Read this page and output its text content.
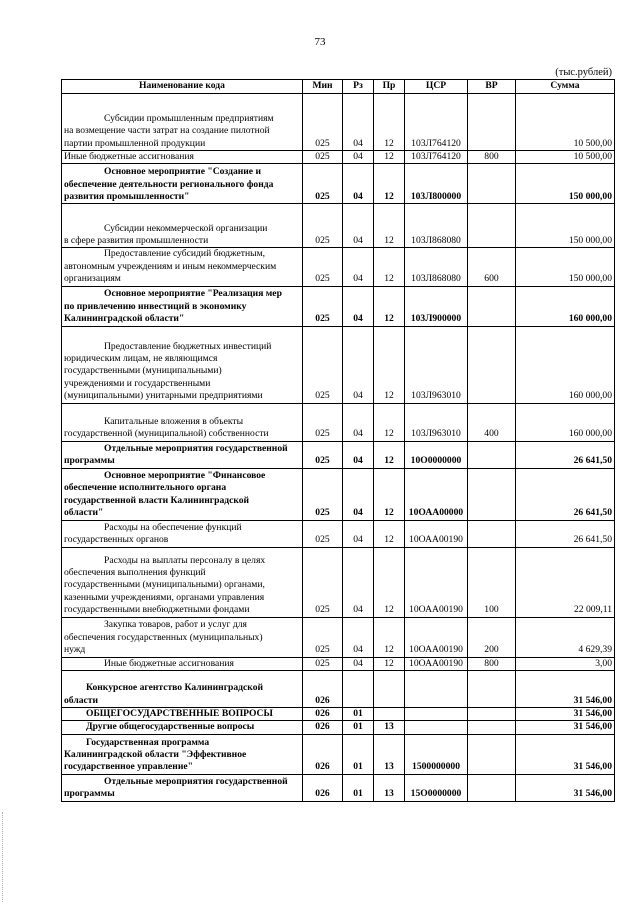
73
(тыс.рублей)
Наименование кода	Мин	Рз	Пр	ЦСР	ВР	Сумма

Субсидии промышленным предприятиям
на возмещение части затрат на создание пилотной
партии промышленной продукции	025	04	12	103Л764120		10 500,00

Иные бюджетные ассигнования	025	04	12	103Л764120	800	10 500,00

Основное мероприятие "Создание и
обеспечение деятельности регионального фонда
развития промышленности"	025	04	12	103Л800000		150 000,00

Субсидии некоммерческой организации
в сфере развития промышленности	025	04	12	103Л868080		150 000,00

Предоставление субсидий бюджетным,
автономным учреждениям и иным некоммерческим
организациям	025	04	12	103Л868080	600	150 000,00

Основное мероприятие "Реализация мер
по привлечению инвестиций в экономику
Калининградской области"	025	04	12	103Л900000		160 000,00

Предоставление бюджетных инвестиций
юридическим лицам, не являющимся
государственными (муниципальными)
учреждениями и государственными
(муниципальными) унитарными предприятиями	025	04	12	103Л963010		160 000,00

Капитальные вложения в объекты
государственной (муниципальной) собственности	025	04	12	103Л963010	400	160 000,00

Отдельные мероприятия государственной
программы	025	04	12	10О0000000		26 641,50

Основное мероприятие "Финансовое
обеспечение исполнительного органа
государственной власти Калининградской
области"	025	04	12	10ОАА00000		26 641,50

Расходы на обеспечение функций
государственных органов	025	04	12	10ОАА00190		26 641,50

Расходы на выплаты персоналу в целях
обеспечения выполнения функций
государственными (муниципальными) органами,
казенными учреждениями, органами управления
государственными внебюджетными фондами	025	04	12	10ОАА00190	100	22 009,11

Закупка товаров, работ и услуг для
обеспечения государственных (муниципальных)
нужд	025	04	12	10ОАА00190	200	4 629,39

Иные бюджетные ассигнования	025	04	12	10ОАА00190	800	3,00

Конкурсное агентство Калининградской
области	026					31 546,00

ОБЩЕГОСУДАРСТВЕННЫЕ ВОПРОСЫ	026	01				31 546,00

Другие общегосударственные вопросы	026	01	13			31 546,00

Государственная программа
Калининградской области "Эффективное
государственное управление"	026	01	13	1500000000		31 546,00

Отдельные мероприятия государственной
программы	026	01	13	15О0000000		31 546,00
